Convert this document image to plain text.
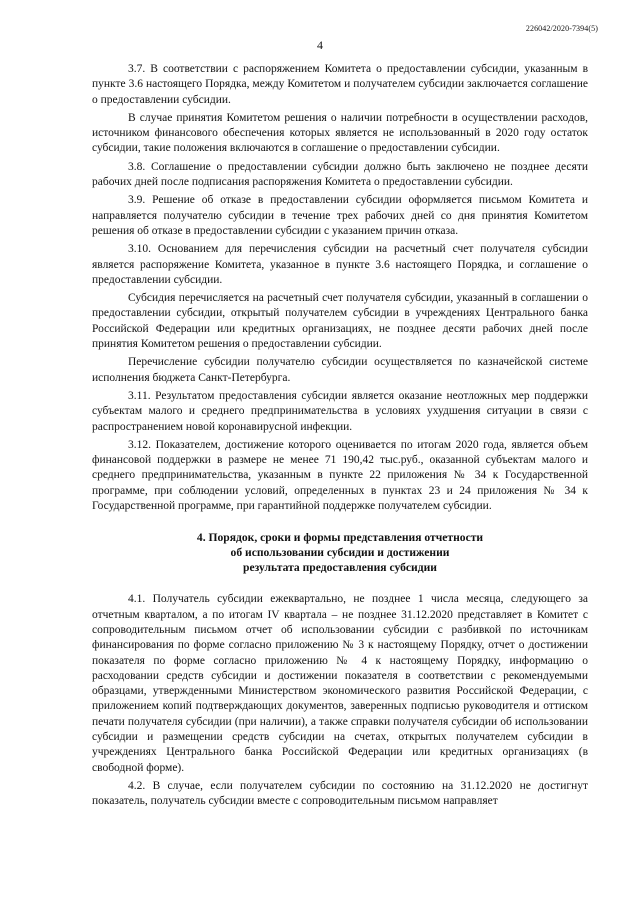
226042/2020-7394(5)
4

3.7. В соответствии с распоряжением Комитета о предоставлении субсидии, указанным в пункте 3.6 настоящего Порядка, между Комитетом и получателем субсидии заключается соглашение о предоставлении субсидии.

В случае принятия Комитетом решения о наличии потребности в осуществлении расходов, источником финансового обеспечения которых является не использованный в 2020 году остаток субсидии, такие положения включаются в соглашение о предоставлении субсидии.

3.8. Соглашение о предоставлении субсидии должно быть заключено не позднее десяти рабочих дней после подписания распоряжения Комитета о предоставлении субсидии.

3.9. Решение об отказе в предоставлении субсидии оформляется письмом Комитета и направляется получателю субсидии в течение трех рабочих дней со дня принятия Комитетом решения об отказе в предоставлении субсидии с указанием причин отказа.

3.10. Основанием для перечисления субсидии на расчетный счет получателя субсидии является распоряжение Комитета, указанное в пункте 3.6 настоящего Порядка, и соглашение о предоставлении субсидии.

Субсидия перечисляется на расчетный счет получателя субсидии, указанный в соглашении о предоставлении субсидии, открытый получателем субсидии в учреждениях Центрального банка Российской Федерации или кредитных организациях, не позднее десяти рабочих дней после принятия Комитетом решения о предоставлении субсидии.

Перечисление субсидии получателю субсидии осуществляется по казначейской системе исполнения бюджета Санкт-Петербурга.

3.11. Результатом предоставления субсидии является оказание неотложных мер поддержки субъектам малого и среднего предпринимательства в условиях ухудшения ситуации в связи с распространением новой коронавирусной инфекции.

3.12. Показателем, достижение которого оценивается по итогам 2020 года, является объем финансовой поддержки в размере не менее 71 190,42 тыс.руб., оказанной субъектам малого и среднего предпринимательства, указанным в пункте 22 приложения № 34 к Государственной программе, при соблюдении условий, определенных в пунктах 23 и 24 приложения № 34 к Государственной программе, при гарантийной поддержке получателем субсидии.

4. Порядок, сроки и формы представления отчетности
об использовании субсидии и достижении
результата предоставления субсидии

4.1. Получатель субсидии ежеквартально, не позднее 1 числа месяца, следующего за отчетным кварталом, а по итогам IV квартала – не позднее 31.12.2020 представляет в Комитет с сопроводительным письмом отчет об использовании субсидии с разбивкой по источникам финансирования по форме согласно приложению № 3 к настоящему Порядку, отчет о достижении показателя по форме согласно приложению № 4 к настоящему Порядку, информацию о расходовании средств субсидии и достижении показателя в соответствии с рекомендуемыми образцами, утвержденными Министерством экономического развития Российской Федерации, с приложением копий подтверждающих документов, заверенных подписью руководителя и оттиском печати получателя субсидии (при наличии), а также справки получателя субсидии об использовании субсидии и размещении средств субсидии на счетах, открытых получателем субсидии в учреждениях Центрального банка Российской Федерации или кредитных организациях (в свободной форме).

4.2. В случае, если получателем субсидии по состоянию на 31.12.2020 не достигнут показатель, получатель субсидии вместе с сопроводительным письмом направляет
